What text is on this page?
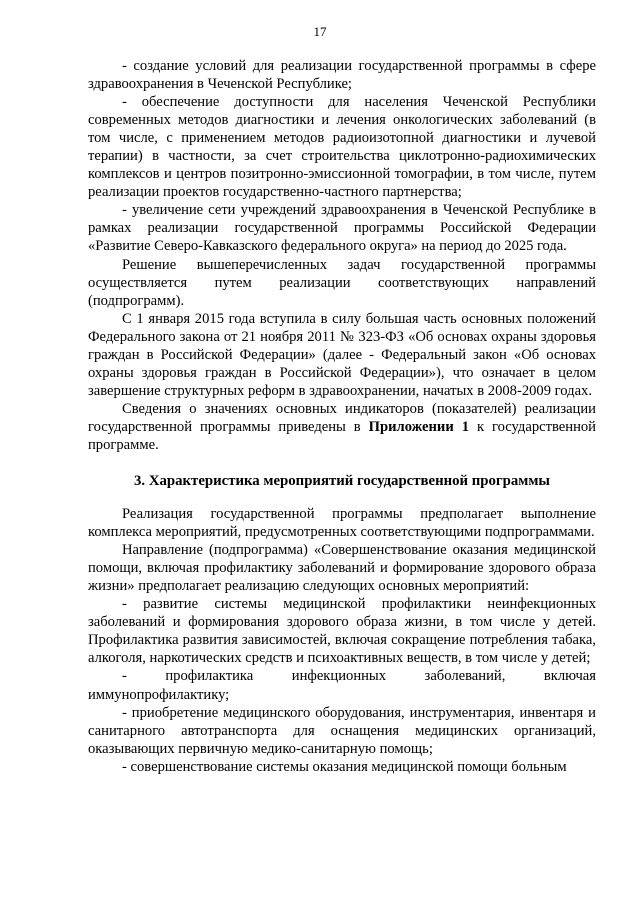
17

- создание условий для реализации государственной программы в сфере здравоохранения в Чеченской Республике;

- обеспечение доступности для населения Чеченской Республики современных методов диагностики и лечения онкологических заболеваний (в том числе, с применением методов радиоизотопной диагностики и лучевой терапии) в частности, за счет строительства циклотронно-радиохимических комплексов и центров позитронно-эмиссионной томографии, в том числе, путем реализации проектов государственно-частного партнерства;

- увеличение сети учреждений здравоохранения в Чеченской Республике в рамках реализации государственной программы Российской Федерации «Развитие Северо-Кавказского федерального округа» на период до 2025 года.

Решение вышеперечисленных задач государственной программы осуществляется путем реализации соответствующих направлений (подпрограмм).

С 1 января 2015 года вступила в силу большая часть основных положений Федерального закона от 21 ноября 2011 № 323-ФЗ «Об основах охраны здоровья граждан в Российской Федерации» (далее - Федеральный закон «Об основах охраны здоровья граждан в Российской Федерации»), что означает в целом завершение структурных реформ в здравоохранении, начатых в 2008-2009 годах.

Сведения о значениях основных индикаторов (показателей) реализации государственной программы приведены в Приложении 1 к государственной программе.

3. Характеристика мероприятий государственной программы

Реализация государственной программы предполагает выполнение комплекса мероприятий, предусмотренных соответствующими подпрограммами.

Направление (подпрограмма) «Совершенствование оказания медицинской помощи, включая профилактику заболеваний и формирование здорового образа жизни» предполагает реализацию следующих основных мероприятий:

- развитие системы медицинской профилактики неинфекционных заболеваний и формирования здорового образа жизни, в том числе у детей. Профилактика развития зависимостей, включая сокращение потребления табака, алкоголя, наркотических средств и психоактивных веществ, в том числе у детей;

- профилактика инфекционных заболеваний, включая иммунопрофилактику;

- приобретение медицинского оборудования, инструментария, инвентаря и санитарного автотранспорта для оснащения медицинских организаций, оказывающих первичную медико-санитарную помощь;

- совершенствование системы оказания медицинской помощи больным
